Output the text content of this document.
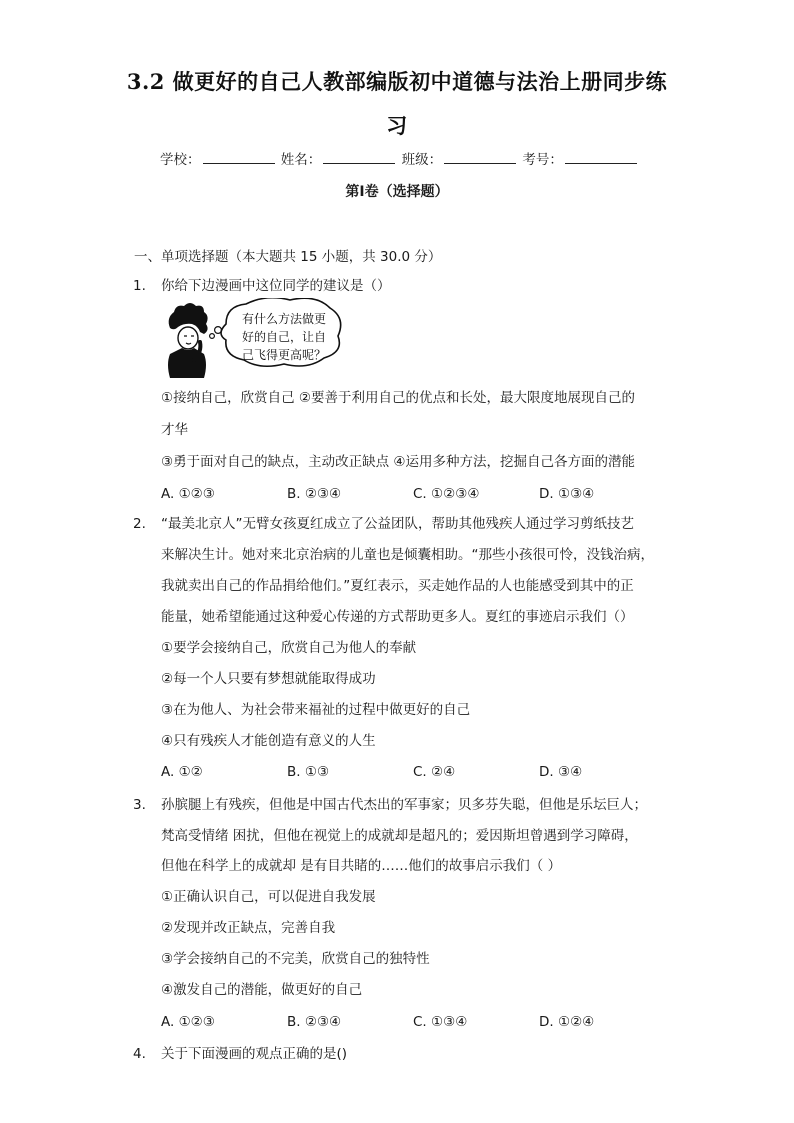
3.2 做更好的自己人教部编版初中道德与法治上册同步练
习
学校：	姓名：	班级：	考号：
第Ⅰ卷（选择题）
一、单项选择题（本大题共 15 小题，共 30.0 分）
1. 你给下边漫画中这位同学的建议是（）
有什么方法做更
好的自己，让自
己飞得更高呢？
①接纳自己，欣赏自己 ②要善于利用自己的优点和长处，最大限度地展现自己的
才华
③勇于面对自己的缺点，主动改正缺点 ④运用多种方法，挖掘自己各方面的潜能
A. ①②③	B. ②③④	C. ①②③④	D. ①③④
2. “最美北京人”无臂女孩夏红成立了公益团队，帮助其他残疾人通过学习剪纸技艺
来解决生计。她对来北京治病的儿童也是倾囊相助。“那些小孩很可怜，没钱治病，
我就卖出自己的作品捐给他们。”夏红表示，买走她作品的人也能感受到其中的正
能量，她希望能通过这种爱心传递的方式帮助更多人。夏红的事迹启示我们（）
①要学会接纳自己，欣赏自己为他人的奉献
②每一个人只要有梦想就能取得成功
③在为他人、为社会带来福祉的过程中做更好的自己
④只有残疾人才能创造有意义的人生
A. ①②	B. ①③	C. ②④	D. ③④
3. 孙膑腿上有残疾，但他是中国古代杰出的军事家；贝多芬失聪，但他是乐坛巨人；
梵高受情绪 困扰，但他在视觉上的成就却是超凡的；爱因斯坦曾遇到学习障碍，
但他在科学上的成就却 是有目共睹的……他们的故事启示我们（ ）
①正确认识自己，可以促进自我发展
②发现并改正缺点，完善自我
③学会接纳自己的不完美，欣赏自己的独特性
④激发自己的潜能，做更好的自己
A. ①②③	B. ②③④	C. ①③④	D. ①②④
4. 关于下面漫画的观点正确的是()
